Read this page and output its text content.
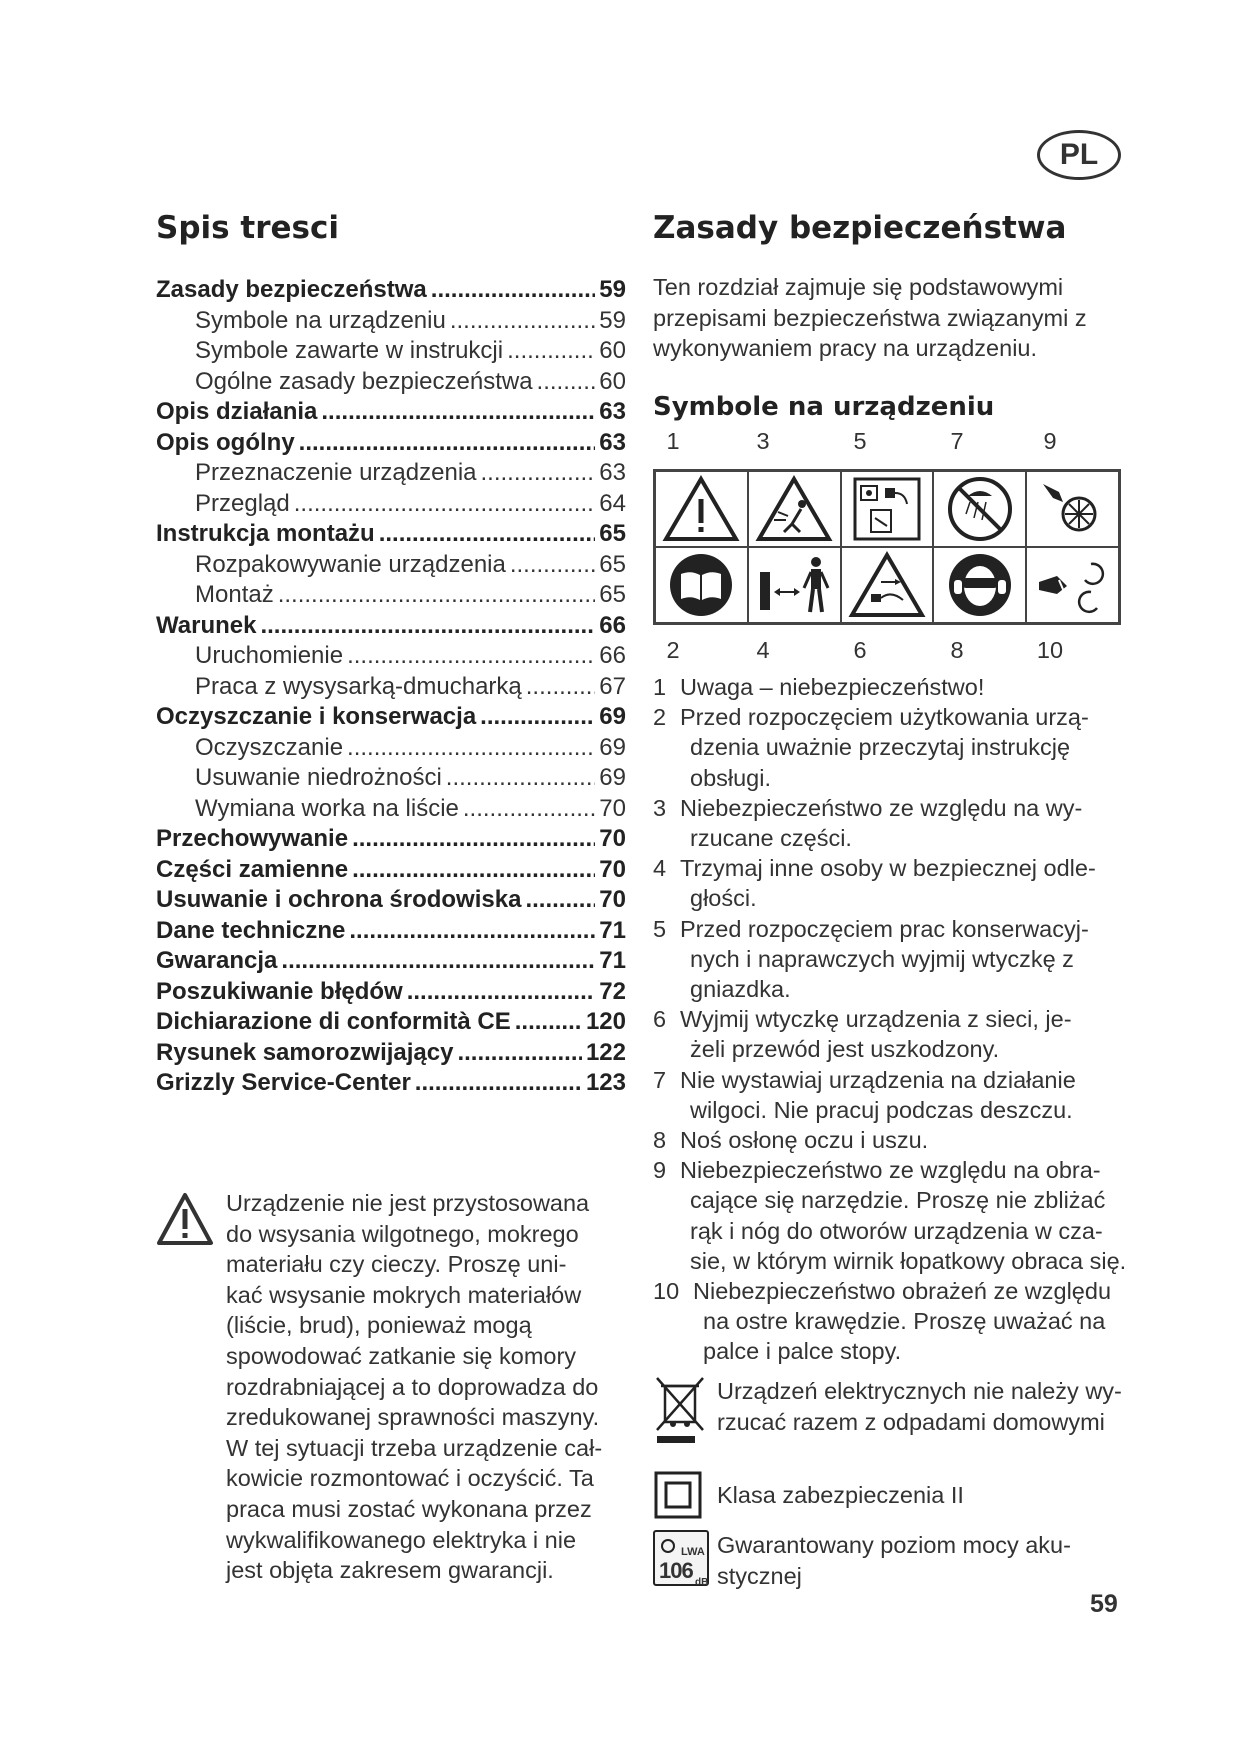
PL
Spis tresci
Zasady bezpieczeństwa .....	59
Symbole na urządzeniu .....	59
Symbole zawarte w instrukcji .....	60
Ogólne zasady bezpieczeństwa .....	60
Opis działania .....	63
Opis ogólny .....	63
Przeznaczenie urządzenia .....	63
Przegląd .....	64
Instrukcja montażu .....	65
Rozpakowywanie urządzenia .....	65
Montaż .....	65
Warunek .....	66
Uruchomienie .....	66
Praca z wysysarką-dmucharką .....	67
Oczyszczanie i konserwacja .....	69
Oczyszczanie .....	69
Usuwanie niedrożności .....	69
Wymiana worka na liście .....	70
Przechowywanie .....	70
Części zamienne .....	70
Usuwanie i ochrona środowiska .....	70
Dane techniczne .....	71
Gwarancja .....	71
Poszukiwanie błędów .....	72
Dichiarazione di conformità CE .....	120
Rysunek samorozwijający .....	122
Grizzly Service-Center .....	123
Urządzenie nie jest przystosowana
do wsysania wilgotnego, mokrego
materiału czy cieczy. Proszę uni-
kać wsysanie mokrych materiałów
(liście, brud), ponieważ mogą
spowodować zatkanie się komory
rozdrabniającej a to doprowadza do
zredukowanej sprawności maszyny.
W tej sytuacji trzeba urządzenie cał-
kowicie rozmontować i oczyścić. Ta
praca musi zostać wykonana przez
wykwalifikowanego elektryka i nie
jest objęta zakresem gwarancji.
Zasady bezpieczeństwa
Ten rozdział zajmuje się podstawowymi
przepisami bezpieczeństwa związanymi z
wykonywaniem pracy na urządzeniu.
Symbole na urządzeniu
1	3	5	7	9
2	4	6	8	10
1 Uwaga – niebezpieczeństwo!
2 Przed rozpoczęciem użytkowania urzą-
dzenia uważnie przeczytaj instrukcję
obsługi.
3 Niebezpieczeństwo ze względu na wy-
rzucane części.
4 Trzymaj inne osoby w bezpiecznej odle-
głości.
5 Przed rozpoczęciem prac konserwacyj-
nych i naprawczych wyjmij wtyczkę z
gniazdka.
6 Wyjmij wtyczkę urządzenia z sieci, je-
żeli przewód jest uszkodzony.
7 Nie wystawiaj urządzenia na działanie
wilgoci. Nie pracuj podczas deszczu.
8 Noś osłonę oczu i uszu.
9 Niebezpieczeństwo ze względu na obra-
cające się narzędzie. Proszę nie zbliżać
rąk i nóg do otworów urządzenia w cza-
sie, w którym wirnik łopatkowy obraca się.
10 Niebezpieczeństwo obrażeń ze względu
na ostre krawędzie. Proszę uważać na
palce i palce stopy.
Urządzeń elektrycznych nie należy wy-
rzucać razem z odpadami domowymi
Klasa zabezpieczenia II
LWA
106 dB
Gwarantowany poziom mocy aku-
stycznej
59
